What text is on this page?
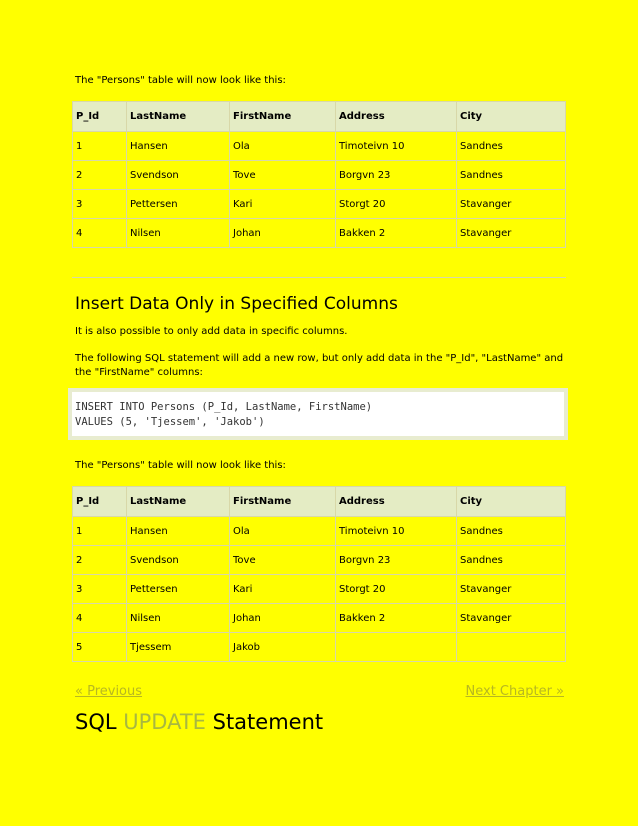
The "Persons" table will now look like this:

P_Id	LastName	FirstName	Address	City
1	Hansen	Ola	Timoteivn 10	Sandnes
2	Svendson	Tove	Borgvn 23	Sandnes
3	Pettersen	Kari	Storgt 20	Stavanger
4	Nilsen	Johan	Bakken 2	Stavanger
Insert Data Only in Specified Columns

It is also possible to only add data in specific columns.

The following SQL statement will add a new row, but only add data in the "P_Id", "LastName" and the "FirstName" columns:

INSERT INTO Persons (P_Id, LastName, FirstName)
VALUES (5, 'Tjessem', 'Jakob')

The "Persons" table will now look like this:

P_Id	LastName	FirstName	Address	City
1	Hansen	Ola	Timoteivn 10	Sandnes
2	Svendson	Tove	Borgvn 23	Sandnes
3	Pettersen	Kari	Storgt 20	Stavanger
4	Nilsen	Johan	Bakken 2	Stavanger
5	Tjessem	Jakob		
« Previous	Next Chapter »
SQL UPDATE Statement
